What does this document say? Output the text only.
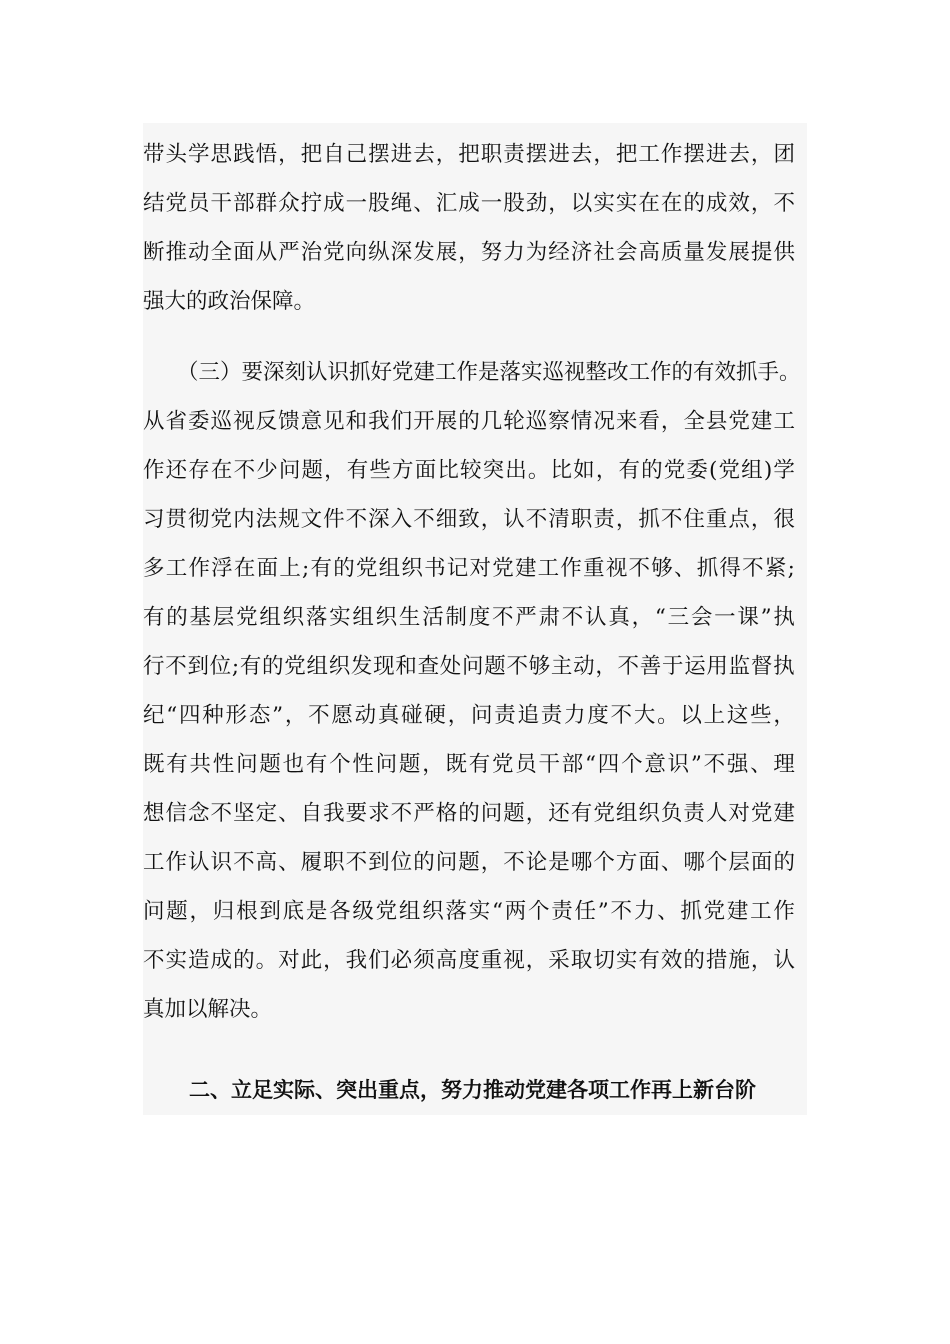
带 头 学 思 践 悟 ， 把 自 己 摆 进 去 ， 把 职 责 摆 进 去 ， 把 工 作 摆 进 去 ， 团
结 党 员 干 部 群 众 拧 成 一 股 绳 、 汇 成 一 股 劲 ， 以 实 实 在 在 的 成 效 ， 不
断 推 动 全 面 从 严 治 党 向 纵 深 发 展 ， 努 力 为 经 济 社 会 高 质 量 发 展 提 供
强大的政治保障。
（三）要深刻认识抓好党建工作是落实巡视整改工作的有效抓手。
从 省 委 巡 视 反 馈 意 见 和 我 们 开 展 的 几 轮 巡 察 情 况 来 看 ， 全 县 党 建 工
作 还 存 在 不 少 问 题 ， 有 些 方 面 比 较 突 出 。 比 如 ， 有 的 党 委 ( 党 组 ) 学
习 贯 彻 党 内 法 规 文 件 不 深 入 不 细 致 ， 认 不 清 职 责 ， 抓 不 住 重 点 ， 很
多 工 作 浮 在 面 上 ; 有 的 党 组 织 书 记 对 党 建 工 作 重 视 不 够 、 抓 得 不 紧 ;
有 的 基 层 党 组 织 落 实 组 织 生 活 制 度 不 严 肃 不 认 真 ， “ 三 会 一 课 ” 执
行 不 到 位 ; 有 的 党 组 织 发 现 和 查 处 问 题 不 够 主 动 ， 不 善 于 运 用 监 督 执
纪 “ 四 种 形 态 ” ， 不 愿 动 真 碰 硬 ， 问 责 追 责 力 度 不 大 。 以 上 这 些 ，
既 有 共 性 问 题 也 有 个 性 问 题 ， 既 有 党 员 干 部 “ 四 个 意 识 ” 不 强 、 理
想 信 念 不 坚 定 、 自 我 要 求 不 严 格 的 问 题 ， 还 有 党 组 织 负 责 人 对 党 建
工 作 认 识 不 高 、 履 职 不 到 位 的 问 题 ， 不 论 是 哪 个 方 面 、 哪 个 层 面 的
问 题 ， 归 根 到 底 是 各 级 党 组 织 落 实 “ 两 个 责 任 ” 不 力 、 抓 党 建 工 作
不 实 造 成 的 。 对 此 ， 我 们 必 须 高 度 重 视 ， 采 取 切 实 有 效 的 措 施 ， 认
真加以解决。
二、立足实际、突出重点，努力推动党建各项工作再上新台阶
